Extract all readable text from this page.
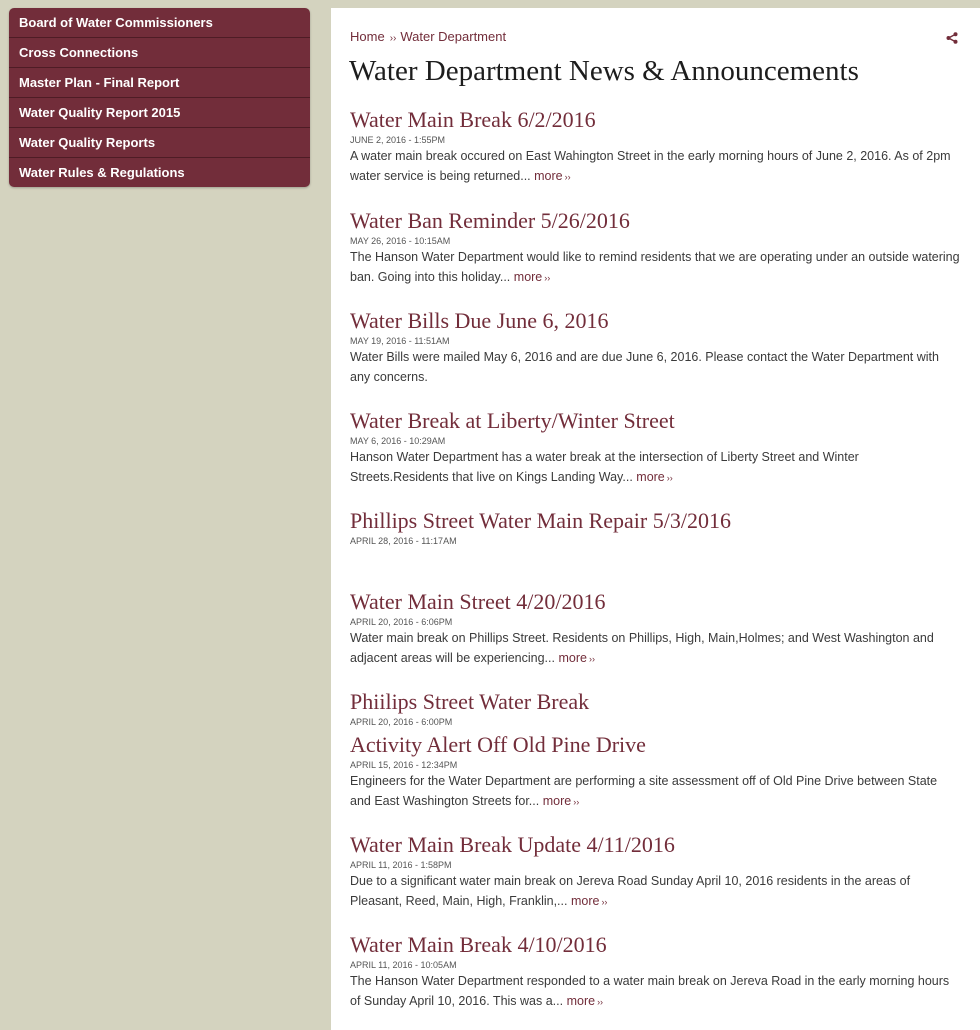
Board of Water Commissioners
Cross Connections
Master Plan - Final Report
Water Quality Report 2015
Water Quality Reports
Water Rules & Regulations
Home ›› Water Department
Water Department News & Announcements
Water Main Break 6/2/2016
JUNE 2, 2016 - 1:55PM
A water main break occured on East Wahington Street in the early morning hours of June 2, 2016. As of 2pm water service is being returned... more ››
Water Ban Reminder 5/26/2016
MAY 26, 2016 - 10:15AM
The Hanson Water Department would like to remind residents that we are operating under an outside watering ban. Going into this holiday... more ››
Water Bills Due June 6, 2016
MAY 19, 2016 - 11:51AM
Water Bills were mailed May 6, 2016 and are due June 6, 2016. Please contact the Water Department with any concerns.
Water Break at Liberty/Winter Street
MAY 6, 2016 - 10:29AM
Hanson Water Department has a water break at the intersection of Liberty Street and Winter Streets.Residents that live on Kings Landing Way... more ››
Phillips Street Water Main Repair 5/3/2016
APRIL 28, 2016 - 11:17AM
Water Main Street 4/20/2016
APRIL 20, 2016 - 6:06PM
Water main break on Phillips Street. Residents on Phillips, High, Main,Holmes; and West Washington and adjacent areas will be experiencing... more ››
Phiilips Street Water Break
APRIL 20, 2016 - 6:00PM
Activity Alert Off Old Pine Drive
APRIL 15, 2016 - 12:34PM
Engineers for the Water Department are performing a site assessment off of Old Pine Drive between State and East Washington Streets for... more ››
Water Main Break Update 4/11/2016
APRIL 11, 2016 - 1:58PM
Due to a significant water main break on Jereva Road Sunday April 10, 2016 residents in the areas of Pleasant, Reed, Main, High, Franklin,... more ››
Water Main Break 4/10/2016
APRIL 11, 2016 - 10:05AM
The Hanson Water Department responded to a water main break on Jereva Road in the early morning hours of Sunday April 10, 2016. This was a... more ››
